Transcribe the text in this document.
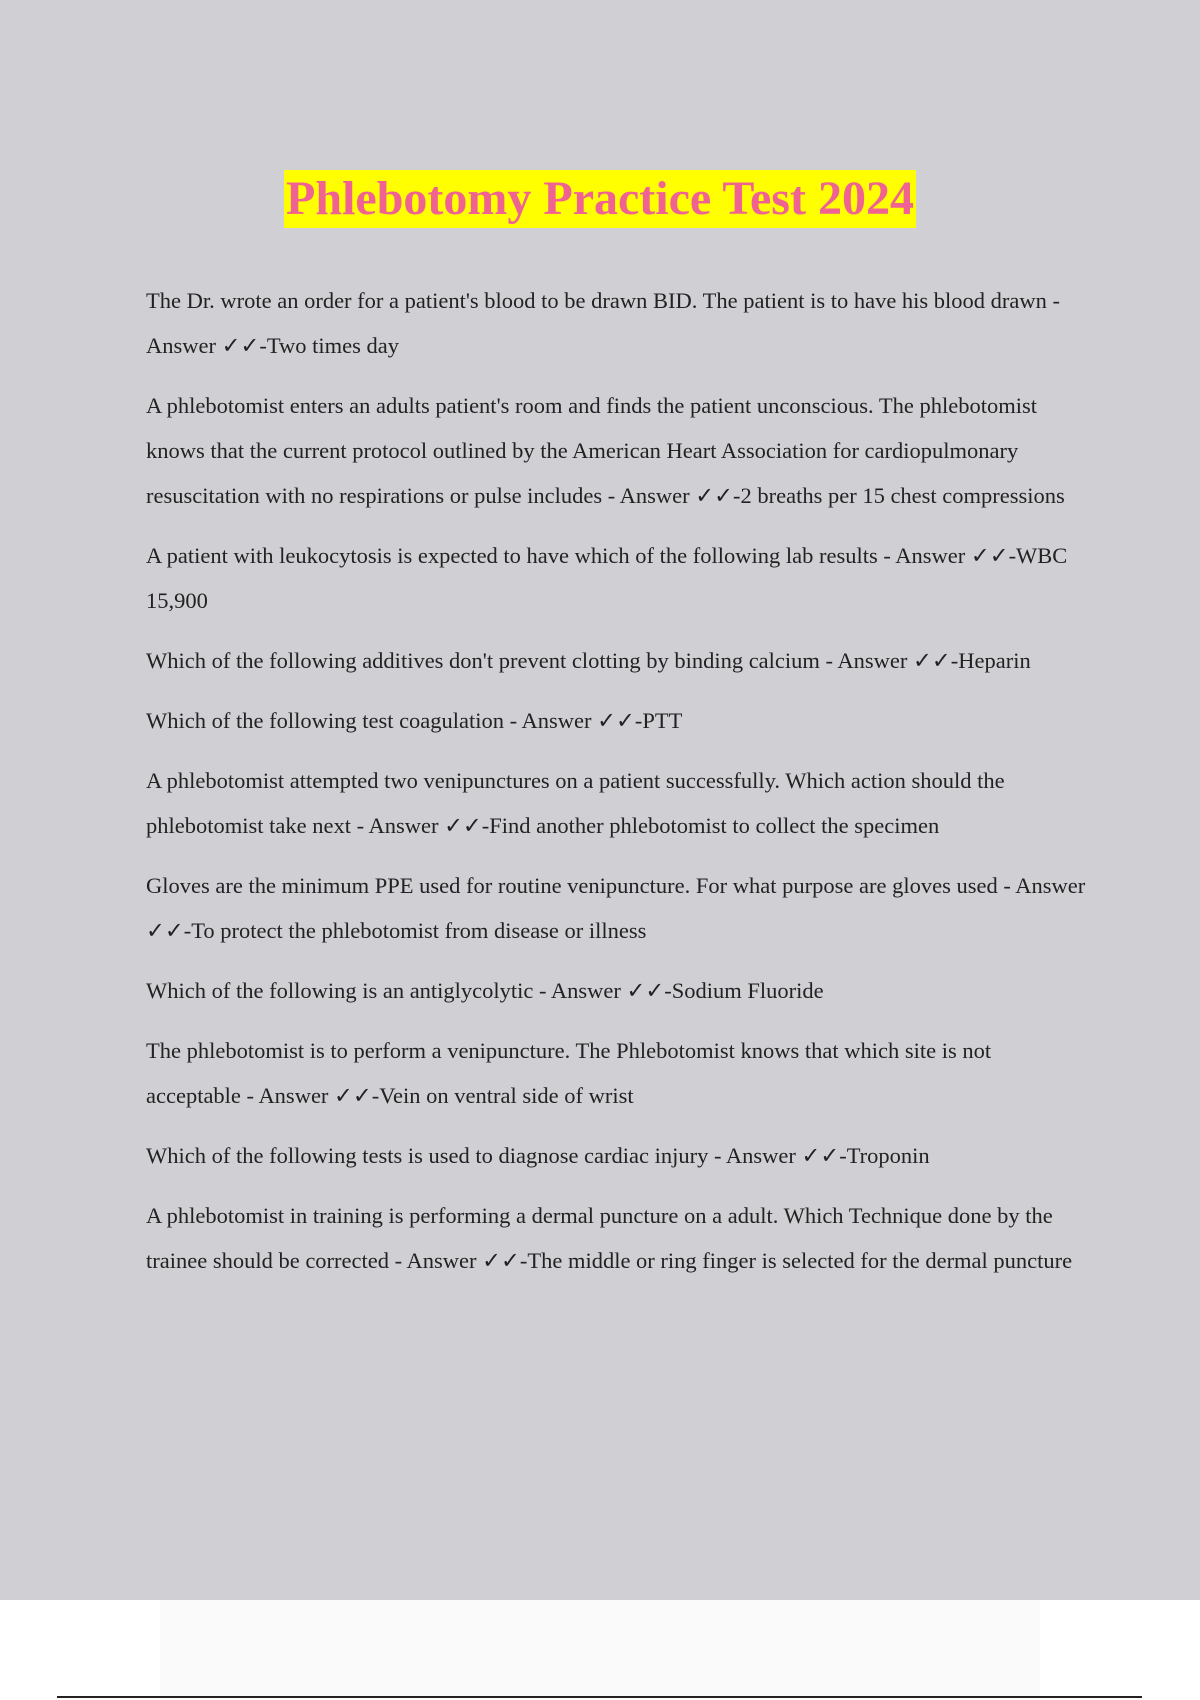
Phlebotomy Practice Test 2024

The Dr. wrote an order for a patient's blood to be drawn BID. The patient is to have his blood drawn - Answer ✓✓-Two times day

A phlebotomist enters an adults patient's room and finds the patient unconscious. The phlebotomist knows that the current protocol outlined by the American Heart Association for cardiopulmonary resuscitation with no respirations or pulse includes - Answer ✓✓-2 breaths per 15 chest compressions

A patient with leukocytosis is expected to have which of the following lab results - Answer ✓✓-WBC 15,900

Which of the following additives don't prevent clotting by binding calcium - Answer ✓✓-Heparin

Which of the following test coagulation - Answer ✓✓-PTT

A phlebotomist attempted two venipunctures on a patient successfully. Which action should the phlebotomist take next - Answer ✓✓-Find another phlebotomist to collect the specimen

Gloves are the minimum PPE used for routine venipuncture. For what purpose are gloves used - Answer ✓✓-To protect the phlebotomist from disease or illness

Which of the following is an antiglycolytic - Answer ✓✓-Sodium Fluoride

The phlebotomist is to perform a venipuncture. The Phlebotomist knows that which site is not acceptable - Answer ✓✓-Vein on ventral side of wrist

Which of the following tests is used to diagnose cardiac injury - Answer ✓✓-Troponin

A phlebotomist in training is performing a dermal puncture on a adult. Which Technique done by the trainee should be corrected - Answer ✓✓-The middle or ring finger is selected for the dermal puncture
